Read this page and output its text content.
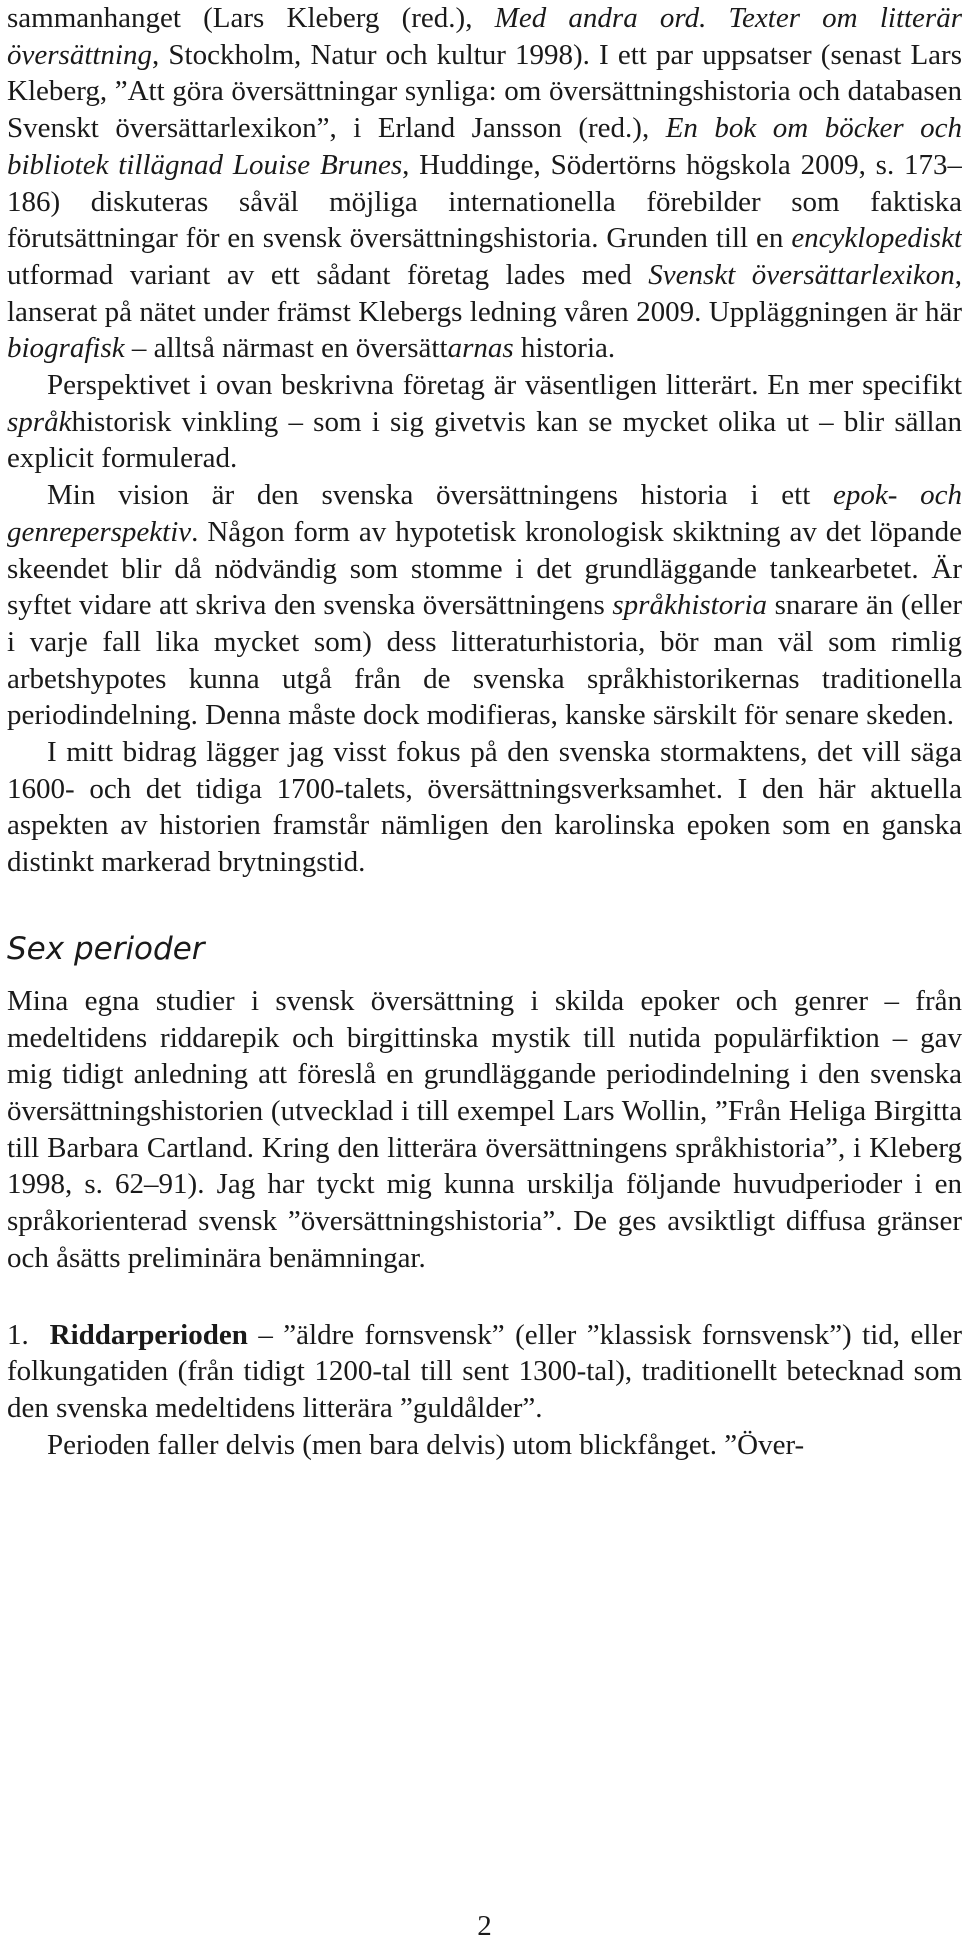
sammanhanget (Lars Kleberg (red.), Med andra ord. Texter om litterär översättning, Stockholm, Natur och kultur 1998). I ett par uppsatser (senast Lars Kleberg, ”Att göra översättningar synliga: om översättningshistoria och databasen Svenskt översättarlexikon”, i Erland Jansson (red.), En bok om böcker och bibliotek tillägnad Louise Brunes, Huddinge, Södertörns högskola 2009, s. 173–186) diskuteras såväl möjliga internationella förebilder som faktiska förutsättningar för en svensk översättningshistoria. Grunden till en encyklopediskt utformad variant av ett sådant företag lades med Svenskt översättarlexikon, lanserat på nätet under främst Klebergs ledning våren 2009. Uppläggningen är här biografisk – alltså närmast en översättarnas historia.

Perspektivet i ovan beskrivna företag är väsentligen litterärt. En mer specifikt språkhistorisk vinkling – som i sig givetvis kan se mycket olika ut – blir sällan explicit formulerad.

Min vision är den svenska översättningens historia i ett epok- och genreperspektiv. Någon form av hypotetisk kronologisk skiktning av det löpande skeendet blir då nödvändig som stomme i det grundläggande tankearbetet. Är syftet vidare att skriva den svenska översättningens språkhistoria snarare än (eller i varje fall lika mycket som) dess litteraturhistoria, bör man väl som rimlig arbetshypotes kunna utgå från de svenska språkhistorikernas traditionella periodindelning. Denna måste dock modifieras, kanske särskilt för senare skeden.

I mitt bidrag lägger jag visst fokus på den svenska stormaktens, det vill säga 1600- och det tidiga 1700-talets, översättningsverksamhet. I den här aktuella aspekten av historien framstår nämligen den karolinska epoken som en ganska distinkt markerad brytningstid.

Sex perioder

Mina egna studier i svensk översättning i skilda epoker och genrer – från medeltidens riddarepik och birgittinska mystik till nutida populärfiktion – gav mig tidigt anledning att föreslå en grundläggande periodindelning i den svenska översättningshistorien (utvecklad i till exempel Lars Wollin, ”Från Heliga Birgitta till Barbara Cartland. Kring den litterära översättningens språkhistoria”, i Kleberg 1998, s. 62–91). Jag har tyckt mig kunna urskilja följande huvudperioder i en språkorienterad svensk ”översättningshistoria”. De ges avsiktligt diffusa gränser och åsätts preliminära benämningar.

1. Riddarperioden – ”äldre fornsvensk” (eller ”klassisk fornsvensk”) tid, eller folkungatiden (från tidigt 1200-tal till sent 1300-tal), traditionellt betecknad som den svenska medeltidens litterära ”guldålder”.

Perioden faller delvis (men bara delvis) utom blickfånget. ”Över-

2
